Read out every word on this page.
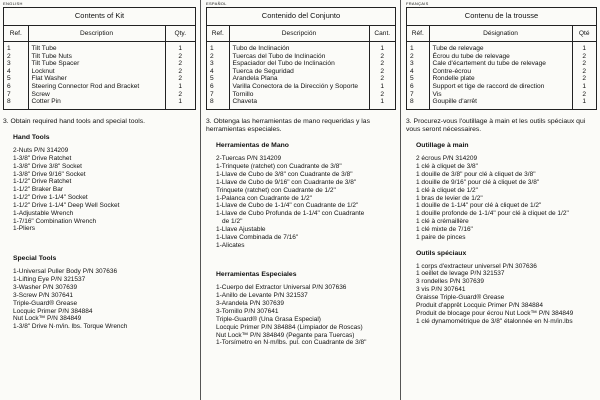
ENGLISH
Contents of Kit
Ref.	Description	Qty.
1	Tilt Tube	1
2	Tilt Tube Nuts	2
3	Tilt Tube Spacer	2
4	Locknut	2
5	Flat Washer	2
6	Steering Connector Rod and Bracket	1
7	Screw	2
8	Cotter Pin	1
3. Obtain required hand tools and special tools.
Hand Tools
2-Nuts P/N 314209
1-3/8" Drive Ratchet
1-3/8" Drive 3/8" Socket
1-3/8" Drive 9/16" Socket
1-1/2" Drive Ratchet
1-1/2" Braker Bar
1-1/2" Drive 1-1/4" Socket
1-1/2" Drive 1-1/4" Deep Well Socket
1-Adjustable Wrench
1-7/16" Combination Wrench
1-Pliers
Special Tools
1-Universal Puller Body P/N 307636
1-Lifting Eye P/N 321537
3-Washer P/N 307639
3-Screw P/N 307641
Triple-Guard® Grease
Locquic Primer P/N 384884
Nut Lock™ P/N 384849
1-3/8" Drive N·m/in. lbs. Torque Wrench
ESPAÑOL
Contenido del Conjunto
Ref.	Descripción	Cant.
1	Tubo de Inclinación	1
2	Tuercas del Tubo de Inclinación	2
3	Espaciador del Tubo de Inclinación	2
4	Tuerca de Seguridad	2
5	Arandela Plana	2
6	Varilla Conectora de la Dirección y Soporte	1
7	Tornillo	2
8	Chaveta	1
3. Obtenga las herramientas de mano requeridas y las herramientas especiales.
Herramientas de Mano
2-Tuercas P/N 314209
1-Trinquete (ratchet) con Cuadrante de 3/8"
1-Llave de Cubo de 3/8" con Cuadrante de 3/8"
1-Llave de Cubo de 9/16" con Cuadrante de 3/8"
Trinquete (ratchet) con Cuadrante de 1/2"
1-Palanca con Cuadrante de 1/2"
1-Llave de Cubo de 1-1/4" con Cuadrante de 1/2"
1-Llave de Cubo Profunda de 1-1/4" con Cuadrante
de 1/2"
1-Llave Ajustable
1-Llave Combinada de 7/16"
1-Alicates
Herramientas Especiales
1-Cuerpo del Extractor Universal P/N 307636
1-Anillo de Levante P/N 321537
3-Arandela P/N 307639
3-Tornillo P/N 307641
Triple-Guard® (Una Grasa Especial)
Locquic Primer P/N 384884 (Limpiador de Roscas)
Nut Lock™ P/N 384849 (Pegante para Tuercas)
1-Torsímetro en N·m/lbs. pul. con Cuadrante de 3/8"
FRANÇAIS
Contenu de la trousse
Réf.	Désignation	Qté
1	Tube de relevage	1
2	Écrou du tube de relevage	2
3	Cale d'écartement du tube de relevage	2
4	Contre-écrou	2
5	Rondelle plate	2
6	Support et tige de raccord de direction	1
7	Vis	2
8	Goupille d'arrêt	1
3. Procurez-vous l'outillage à main et les outils spéciaux qui vous seront nécessaires.
Outillage à main
2 écrous P/N 314209
1 clé à cliquet de 3/8"
1 douille de 3/8" pour clé à cliquet de 3/8"
1 douille de 9/16" pour clé à cliquet de 3/8"
1 clé à cliquet de 1/2"
1 bras de levier de 1/2"
1 douille de 1-1/4" pour clé à cliquet de 1/2"
1 douille profonde de 1-1/4" pour clé à cliquet de 1/2"
1 clé à crémaillère
1 clé mixte de 7/16"
1 paire de pinces
Outils spéciaux
1 corps d'extracteur universel P/N 307636
1 oeillet de levage P/N 321537
3 rondelles P/N 307639
3 vis P/N 307641
Graisse Triple-Guard® Grease
Produit d'apprêt Locquic Primer P/N 384884
Produit de blocage pour écrou Nut Lock™ P/N 384849
1 clé dynamométrique de 3/8" étalonnée en N·m/in.lbs
